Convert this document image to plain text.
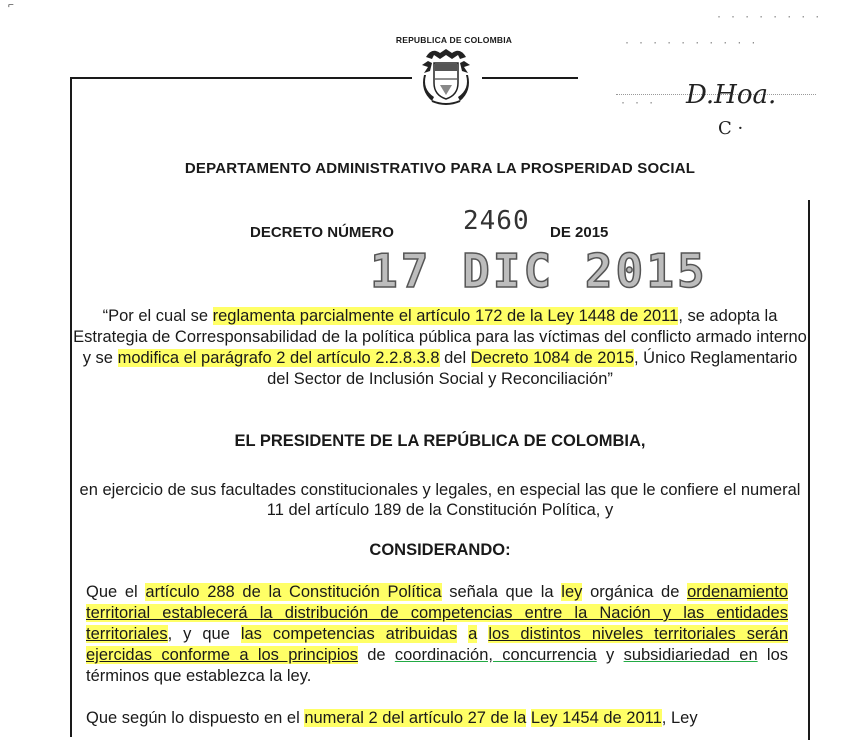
⌐
REPUBLICA DE COLOMBIA
· · · · · · · ·
· · · · · · · · · ·
· · · D.Hoa.
C ·
DEPARTAMENTO ADMINISTRATIVO PARA LA PROSPERIDAD SOCIAL
DECRETO NÚMERO	2460 DE 2015
17 DIC 2015
“Por el cual se reglamenta parcialmente el artículo 172 de la Ley 1448 de 2011, se adopta la Estrategia de Corresponsabilidad de la política pública para las víctimas del conflicto armado interno y se modifica el parágrafo 2 del artículo 2.2.8.3.8 del Decreto 1084 de 2015, Único Reglamentario del Sector de Inclusión Social y Reconciliación”
EL PRESIDENTE DE LA REPÚBLICA DE COLOMBIA,
en ejercicio de sus facultades constitucionales y legales, en especial las que le confiere el numeral 11 del artículo 189 de la Constitución Política, y
CONSIDERANDO:
Que el artículo 288 de la Constitución Política señala que la ley orgánica de ordenamiento territorial establecerá la distribución de competencias entre la Nación y las entidades territoriales, y que las competencias atribuidas a los distintos niveles territoriales serán ejercidas conforme a los principios de coordinación, concurrencia y subsidiariedad en los términos que establezca la ley.
Que según lo dispuesto en el numeral 2 del artículo 27 de la Ley 1454 de 2011, Ley
